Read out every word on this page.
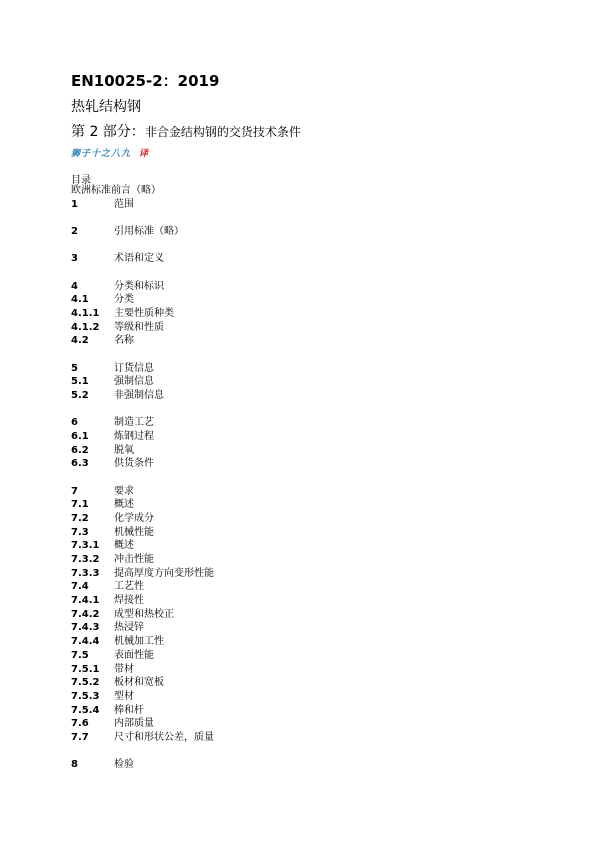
EN10025-2：2019
热轧结构钢
第 2 部分：非合金结构钢的交货技术条件
狮子十之八九 译
目录
欧洲标准前言（略）
1	范围
2	引用标准（略）
3	术语和定义
4	分类和标识
4.1	分类
4.1.1 主要性质种类
4.1.2 等级和性质
4.2	名称
5	订货信息
5.1	强制信息
5.2	非强制信息
6	制造工艺
6.1	炼钢过程
6.2	脱氧
6.3	供货条件
7	要求
7.1	概述
7.2	化学成分
7.3	机械性能
7.3.1 概述
7.3.2 冲击性能
7.3.3 提高厚度方向变形性能
7.4	工艺性
7.4.1 焊接性
7.4.2 成型和热校正
7.4.3 热浸锌
7.4.4 机械加工性
7.5	表面性能
7.5.1 带材
7.5.2 板材和宽板
7.5.3 型材
7.5.4 棒和杆
7.6	内部质量
7.7	尺寸和形状公差，质量
8	检验
